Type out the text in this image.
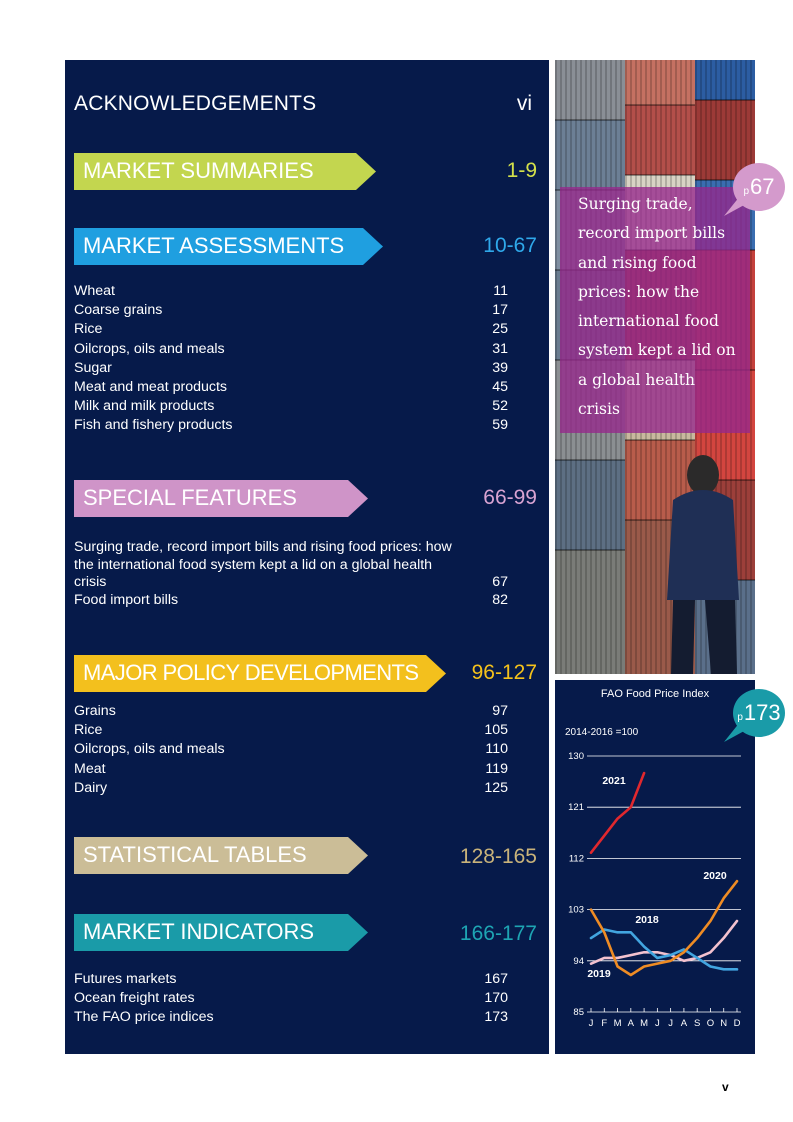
ACKNOWLEDGEMENTS	vi
MARKET SUMMARIES	1-9
MARKET ASSESSMENTS	10-67
Wheat	11
Coarse grains	17
Rice	25
Oilcrops, oils and meals	31
Sugar	39
Meat and meat products	45
Milk and milk products	52
Fish and fishery products	59
SPECIAL FEATURES	66-99
Surging trade, record import bills and rising food prices: how the international food system kept a lid on a global health crisis	67
Food import bills	82
MAJOR POLICY DEVELOPMENTS	96-127
Grains	97
Rice	105
Oilcrops, oils and meals	110
Meat	119
Dairy	125
STATISTICAL TABLES	128-165
MARKET INDICATORS	166-177
Futures markets	167
Ocean freight rates	170
The FAO price indices	173
Surging trade, record import bills and rising food prices: how the international food system kept a lid on a global health crisis
p 67
FAO Food Price Index
2014-2016 =100
85
94
103
112
121
130
J F M A M J J A S O N D
2021
2020
2018
2019
p 173
v
